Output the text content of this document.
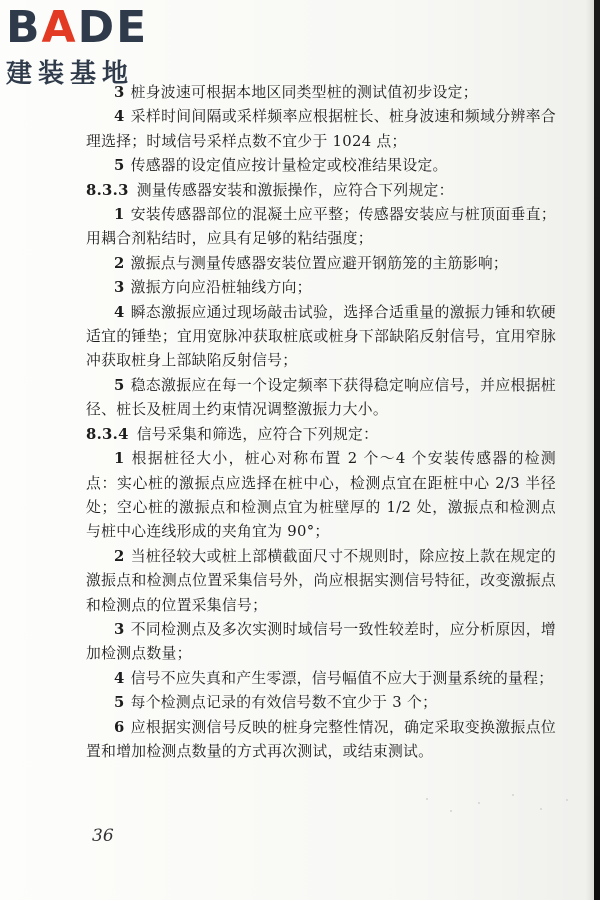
BADE
建装基地

3 桩身波速可根据本地区同类型桩的测试值初步设定；

4 采样时间间隔或采样频率应根据桩长、桩身波速和频域分辨率合理选择；时域信号采样点数不宜少于 1024 点；

5 传感器的设定值应按计量检定或校准结果设定。

8.3.3 测量传感器安装和激振操作，应符合下列规定：

1 安装传感器部位的混凝土应平整；传感器安装应与桩顶面垂直；用耦合剂粘结时，应具有足够的粘结强度；

2 激振点与测量传感器安装位置应避开钢筋笼的主筋影响；

3 激振方向应沿桩轴线方向；

4 瞬态激振应通过现场敲击试验，选择合适重量的激振力锤和软硬适宜的锤垫；宜用宽脉冲获取桩底或桩身下部缺陷反射信号，宜用窄脉冲获取桩身上部缺陷反射信号；

5 稳态激振应在每一个设定频率下获得稳定响应信号，并应根据桩径、桩长及桩周土约束情况调整激振力大小。

8.3.4 信号采集和筛选，应符合下列规定：

1 根据桩径大小，桩心对称布置 2 个～4 个安装传感器的检测点：实心桩的激振点应选择在桩中心，检测点宜在距桩中心 2/3 半径处；空心桩的激振点和检测点宜为桩壁厚的 1/2 处，激振点和检测点与桩中心连线形成的夹角宜为 90°；

2 当桩径较大或桩上部横截面尺寸不规则时，除应按上款在规定的激振点和检测点位置采集信号外，尚应根据实测信号特征，改变激振点和检测点的位置采集信号；

3 不同检测点及多次实测时域信号一致性较差时，应分析原因，增加检测点数量；

4 信号不应失真和产生零漂，信号幅值不应大于测量系统的量程；

5 每个检测点记录的有效信号数不宜少于 3 个；

6 应根据实测信号反映的桩身完整性情况，确定采取变换激振点位置和增加检测点数量的方式再次测试，或结束测试。

36
